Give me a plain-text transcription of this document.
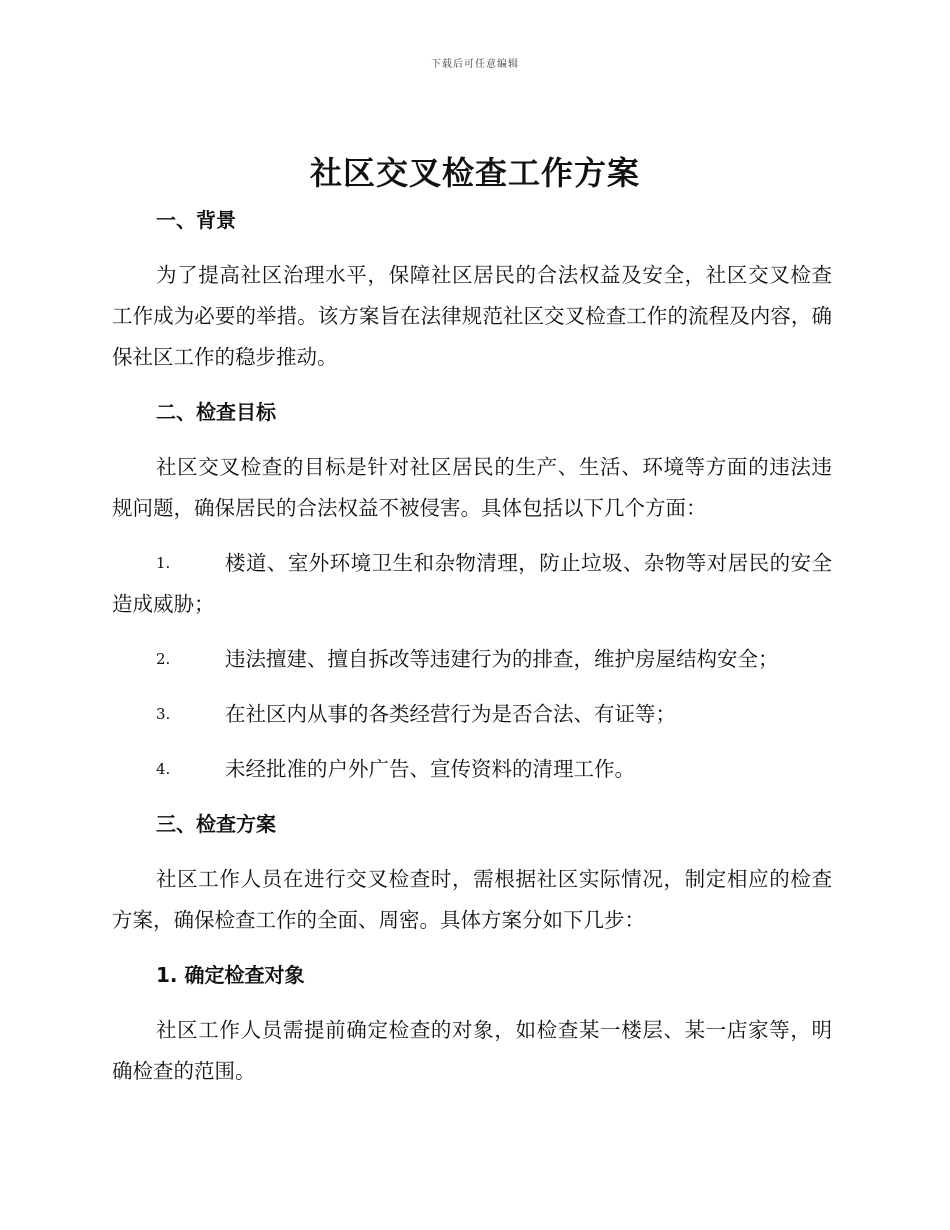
下载后可任意编辑
社区交叉检查工作方案

一、背景

为了提高社区治理水平，保障社区居民的合法权益及安全，社区交叉检查工作成为必要的举措。该方案旨在法律规范社区交叉检查工作的流程及内容，确保社区工作的稳步推动。

二、检查目标

社区交叉检查的目标是针对社区居民的生产、生活、环境等方面的违法违规问题，确保居民的合法权益不被侵害。具体包括以下几个方面：

1.	楼道、室外环境卫生和杂物清理，防止垃圾、杂物等对居民的安全造成威胁；

2.	违法擅建、擅自拆改等违建行为的排查，维护房屋结构安全；

3.	在社区内从事的各类经营行为是否合法、有证等；

4.	未经批准的户外广告、宣传资料的清理工作。

三、检查方案

社区工作人员在进行交叉检查时，需根据社区实际情况，制定相应的检查方案，确保检查工作的全面、周密。具体方案分如下几步：

1. 确定检查对象

社区工作人员需提前确定检查的对象，如检查某一楼层、某一店家等，明确检查的范围。
